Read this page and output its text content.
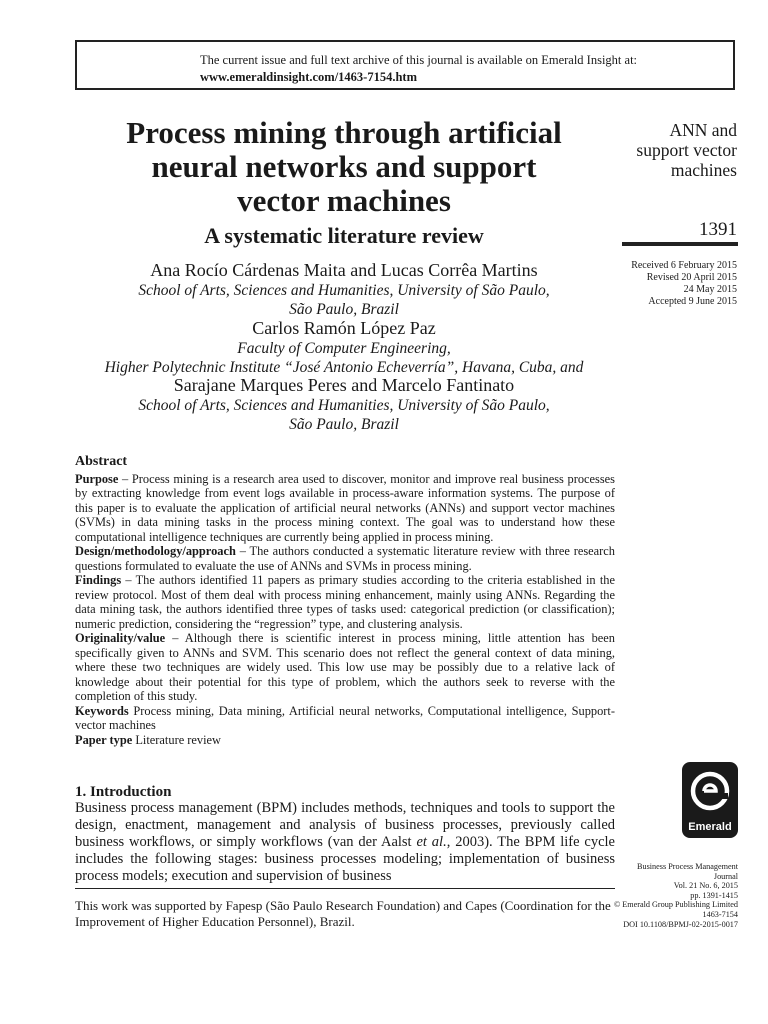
The current issue and full text archive of this journal is available on Emerald Insight at:
www.emeraldinsight.com/1463-7154.htm
Process mining through artificial
neural networks and support
vector machines
A systematic literature review
Ana Rocío Cárdenas Maita and Lucas Corrêa Martins
School of Arts, Sciences and Humanities, University of São Paulo,
São Paulo, Brazil
Carlos Ramón López Paz
Faculty of Computer Engineering,
Higher Polytechnic Institute “José Antonio Echeverría”, Havana, Cuba, and
Sarajane Marques Peres and Marcelo Fantinato
School of Arts, Sciences and Humanities, University of São Paulo,
São Paulo, Brazil
ANN and
support vector
machines
1391
Received 6 February 2015
Revised 20 April 2015
24 May 2015
Accepted 9 June 2015
Abstract

Purpose – Process mining is a research area used to discover, monitor and improve real business processes by extracting knowledge from event logs available in process-aware information systems. The purpose of this paper is to evaluate the application of artificial neural networks (ANNs) and support vector machines (SVMs) in data mining tasks in the process mining context. The goal was to understand how these computational intelligence techniques are currently being applied in process mining.

Design/methodology/approach – The authors conducted a systematic literature review with three research questions formulated to evaluate the use of ANNs and SVMs in process mining.

Findings – The authors identified 11 papers as primary studies according to the criteria established in the review protocol. Most of them deal with process mining enhancement, mainly using ANNs. Regarding the data mining task, the authors identified three types of tasks used: categorical prediction (or classification); numeric prediction, considering the “regression” type, and clustering analysis.

Originality/value – Although there is scientific interest in process mining, little attention has been specifically given to ANNs and SVM. This scenario does not reflect the general context of data mining, where these two techniques are widely used. This low use may be possibly due to a relative lack of knowledge about their potential for this type of problem, which the authors seek to reverse with the completion of this study.

Keywords Process mining, Data mining, Artificial neural networks, Computational intelligence, Support-vector machines

Paper type Literature review

1. Introduction
Business process management (BPM) includes methods, techniques and tools to support the design, enactment, management and analysis of business processes, previously called business workflows, or simply workflows (van der Aalst et al., 2003). The BPM life cycle includes the following stages: business processes modeling; implementation of business process models; execution and supervision of business
This work was supported by Fapesp (São Paulo Research Foundation) and Capes (Coordination for the Improvement of Higher Education Personnel), Brazil.
Emerald
Business Process Management
Journal
Vol. 21 No. 6, 2015
pp. 1391-1415
© Emerald Group Publishing Limited
1463-7154
DOI 10.1108/BPMJ-02-2015-0017
